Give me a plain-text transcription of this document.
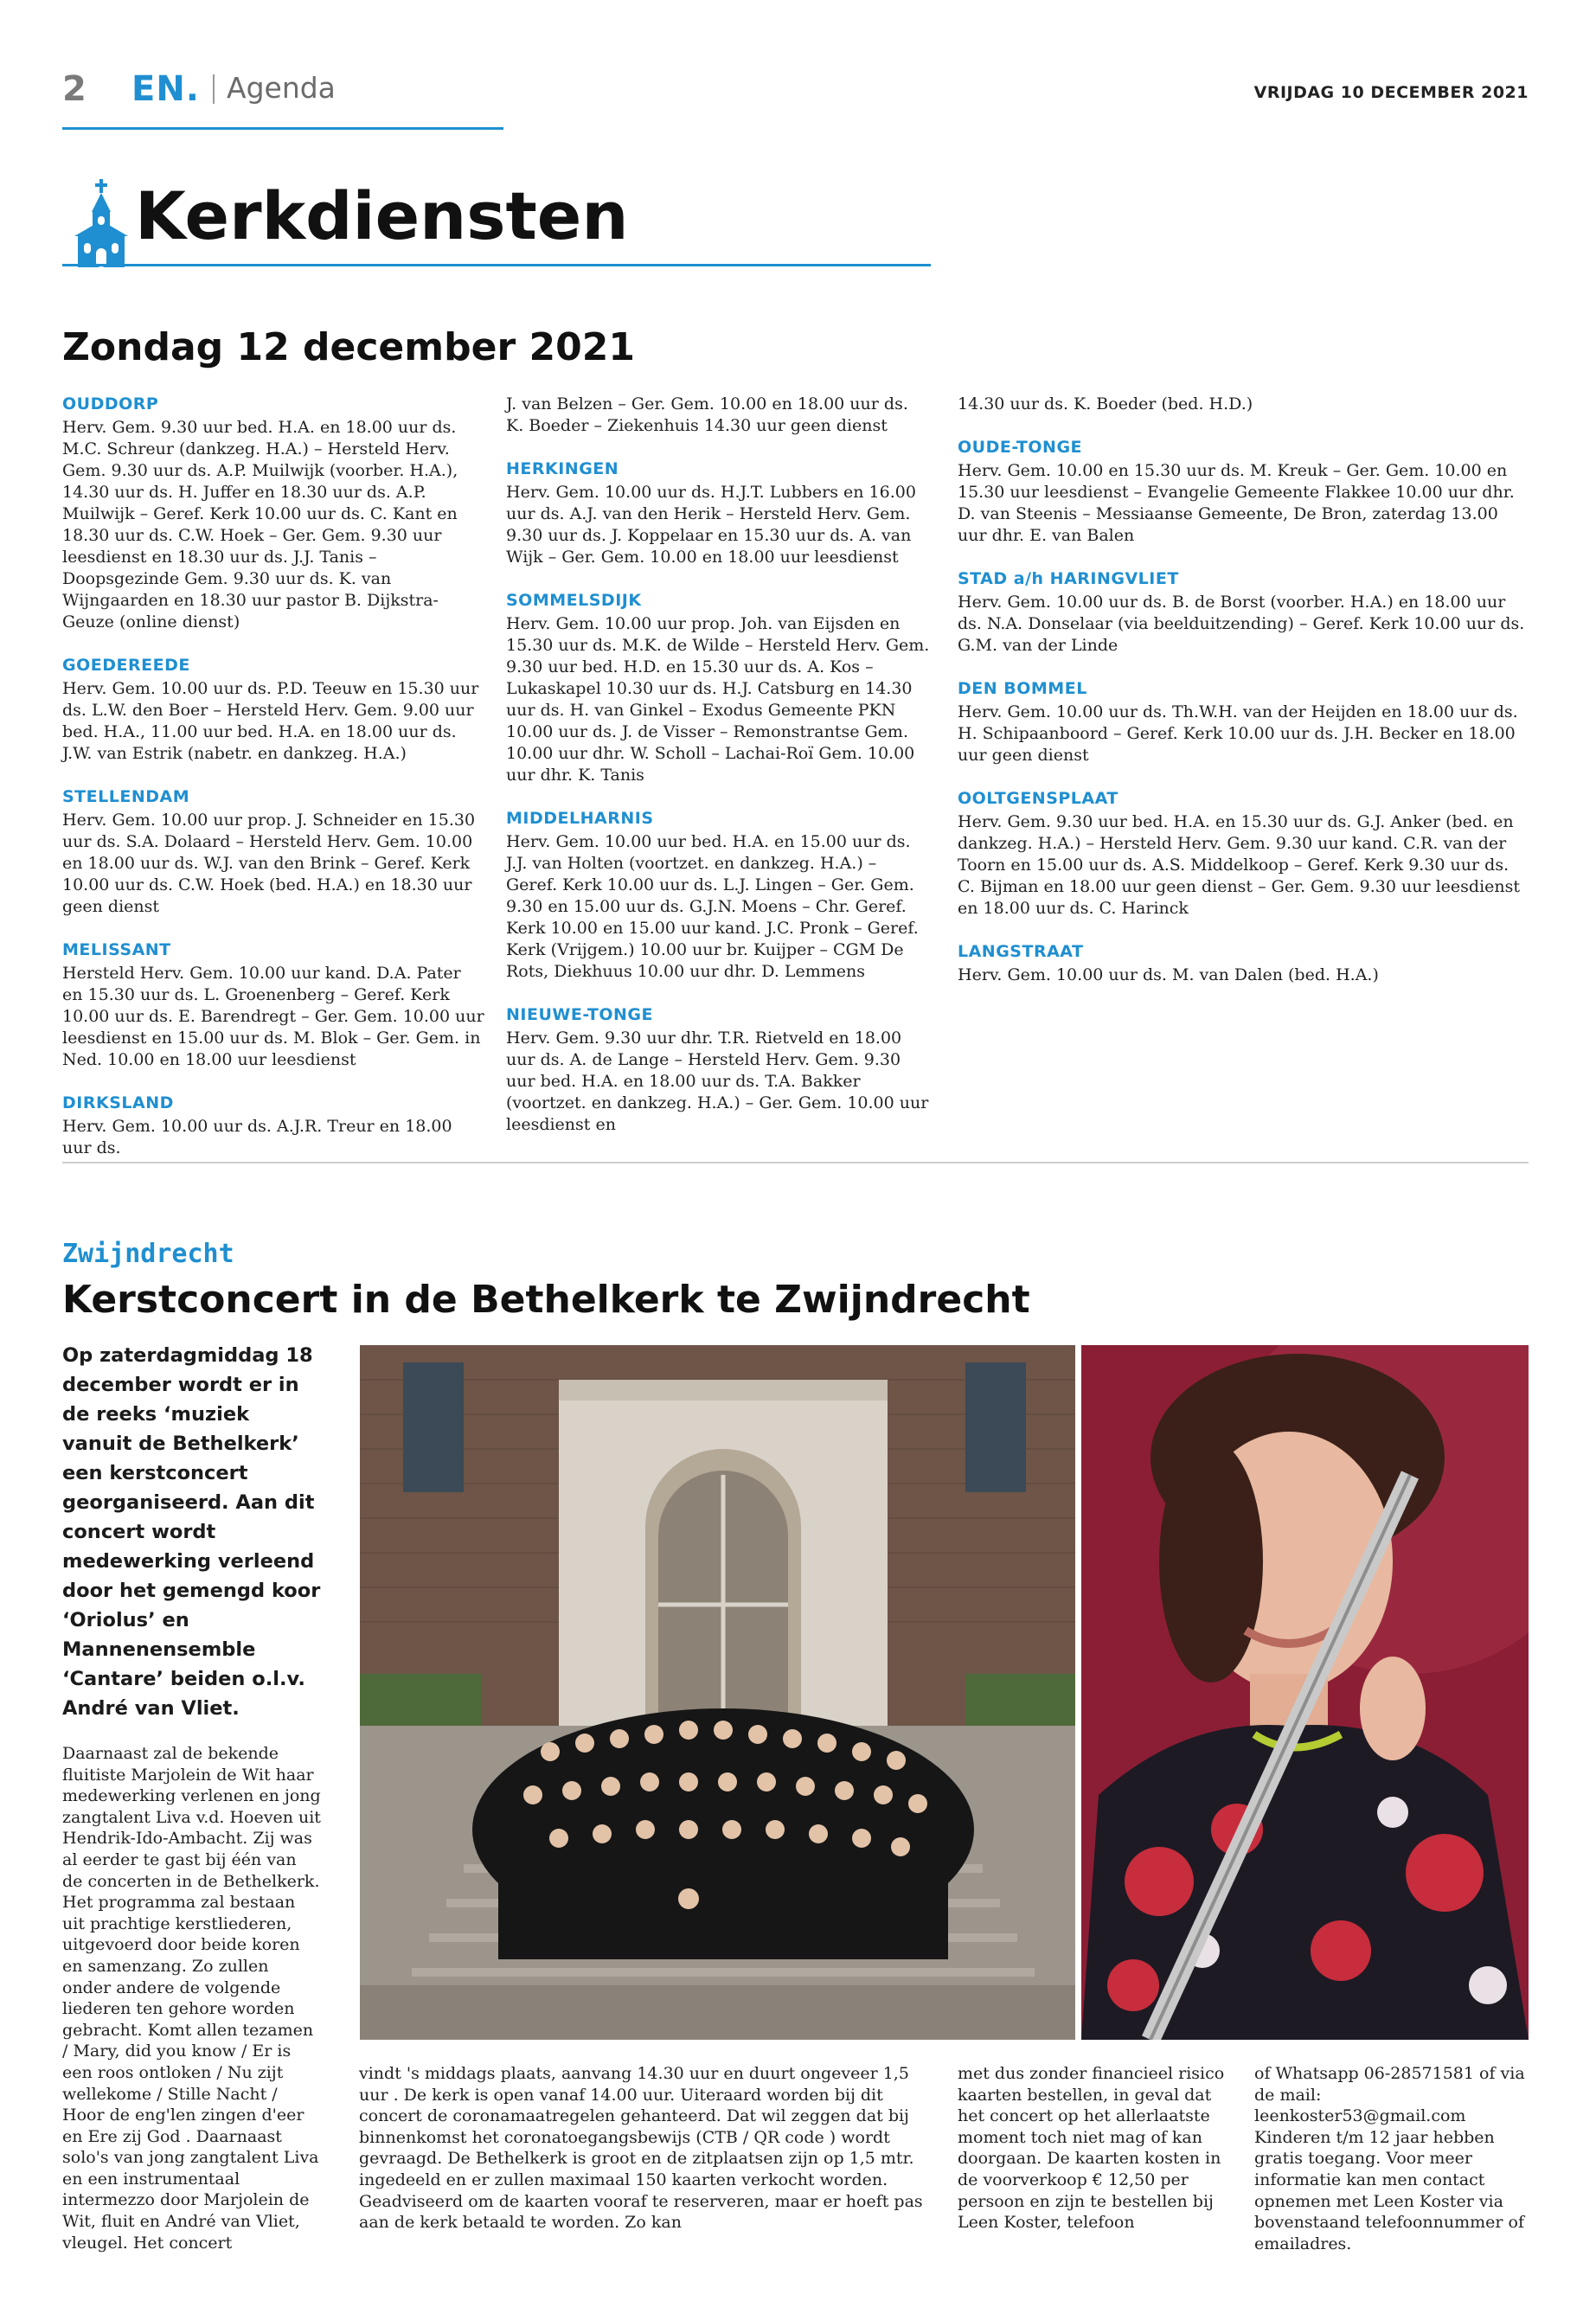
2 EN. Agenda	VRIJDAG 10 DECEMBER 2021
Kerkdiensten
Zondag 12 december 2021
OUDDORP

Herv. Gem. 9.30 uur bed. H.A. en 18.00 uur ds. M.C. Schreur (dankzeg. H.A.) – Hersteld Herv. Gem. 9.30 uur ds. A.P. Muilwijk (voorber. H.A.), 14.30 uur ds. H. Juffer en 18.30 uur ds. A.P. Muilwijk – Geref. Kerk 10.00 uur ds. C. Kant en 18.30 uur ds. C.W. Hoek – Ger. Gem. 9.30 uur leesdienst en 18.30 uur ds. J.J. Tanis – Doopsgezinde Gem. 9.30 uur ds. K. van Wijngaarden en 18.30 uur pastor B. Dijkstra-Geuze (online dienst)

GOEDEREEDE

Herv. Gem. 10.00 uur ds. P.D. Teeuw en 15.30 uur ds. L.W. den Boer – Hersteld Herv. Gem. 9.00 uur bed. H.A., 11.00 uur bed. H.A. en 18.00 uur ds. J.W. van Estrik (nabetr. en dankzeg. H.A.)

STELLENDAM

Herv. Gem. 10.00 uur prop. J. Schneider en 15.30 uur ds. S.A. Dolaard – Hersteld Herv. Gem. 10.00 en 18.00 uur ds. W.J. van den Brink – Geref. Kerk 10.00 uur ds. C.W. Hoek (bed. H.A.) en 18.30 uur geen dienst

MELISSANT

Hersteld Herv. Gem. 10.00 uur kand. D.A. Pater en 15.30 uur ds. L. Groenenberg – Geref. Kerk 10.00 uur ds. E. Barendregt – Ger. Gem. 10.00 uur leesdienst en 15.00 uur ds. M. Blok – Ger. Gem. in Ned. 10.00 en 18.00 uur leesdienst

DIRKSLAND

Herv. Gem. 10.00 uur ds. A.J.R. Treur en 18.00 uur ds.

J. van Belzen – Ger. Gem. 10.00 en 18.00 uur ds. K. Boeder – Ziekenhuis 14.30 uur geen dienst

HERKINGEN

Herv. Gem. 10.00 uur ds. H.J.T. Lubbers en 16.00 uur ds. A.J. van den Herik – Hersteld Herv. Gem. 9.30 uur ds. J. Koppelaar en 15.30 uur ds. A. van Wijk – Ger. Gem. 10.00 en 18.00 uur leesdienst

SOMMELSDIJK

Herv. Gem. 10.00 uur prop. Joh. van Eijsden en 15.30 uur ds. M.K. de Wilde – Hersteld Herv. Gem. 9.30 uur bed. H.D. en 15.30 uur ds. A. Kos – Lukaskapel 10.30 uur ds. H.J. Catsburg en 14.30 uur ds. H. van Ginkel – Exodus Gemeente PKN 10.00 uur ds. J. de Visser – Remonstrantse Gem. 10.00 uur dhr. W. Scholl – Lachai-Roï Gem. 10.00 uur dhr. K. Tanis

MIDDELHARNIS

Herv. Gem. 10.00 uur bed. H.A. en 15.00 uur ds. J.J. van Holten (voortzet. en dankzeg. H.A.) – Geref. Kerk 10.00 uur ds. L.J. Lingen – Ger. Gem. 9.30 en 15.00 uur ds. G.J.N. Moens – Chr. Geref. Kerk 10.00 en 15.00 uur kand. J.C. Pronk – Geref. Kerk (Vrijgem.) 10.00 uur br. Kuijper – CGM De Rots, Diekhuus 10.00 uur dhr. D. Lemmens

NIEUWE-TONGE

Herv. Gem. 9.30 uur dhr. T.R. Rietveld en 18.00 uur ds. A. de Lange – Hersteld Herv. Gem. 9.30 uur bed. H.A. en 18.00 uur ds. T.A. Bakker (voortzet. en dankzeg. H.A.) – Ger. Gem. 10.00 uur leesdienst en

14.30 uur ds. K. Boeder (bed. H.D.)

OUDE-TONGE

Herv. Gem. 10.00 en 15.30 uur ds. M. Kreuk – Ger. Gem. 10.00 en 15.30 uur leesdienst – Evangelie Gemeente Flakkee 10.00 uur dhr. D. van Steenis – Messiaanse Gemeente, De Bron, zaterdag 13.00 uur dhr. E. van Balen

STAD a/h HARINGVLIET

Herv. Gem. 10.00 uur ds. B. de Borst (voorber. H.A.) en 18.00 uur ds. N.A. Donselaar (via beelduitzending) – Geref. Kerk 10.00 uur ds. G.M. van der Linde

DEN BOMMEL

Herv. Gem. 10.00 uur ds. Th.W.H. van der Heijden en 18.00 uur ds. H. Schipaanboord – Geref. Kerk 10.00 uur ds. J.H. Becker en 18.00 uur geen dienst

OOLTGENSPLAAT

Herv. Gem. 9.30 uur bed. H.A. en 15.30 uur ds. G.J. Anker (bed. en dankzeg. H.A.) – Hersteld Herv. Gem. 9.30 uur kand. C.R. van der Toorn en 15.00 uur ds. A.S. Middelkoop – Geref. Kerk 9.30 uur ds. C. Bijman en 18.00 uur geen dienst – Ger. Gem. 9.30 uur leesdienst en 18.00 uur ds. C. Harinck

LANGSTRAAT

Herv. Gem. 10.00 uur ds. M. van Dalen (bed. H.A.)

Zwijndrecht
Kerstconcert in de Bethelkerk te Zwijndrecht
Op zaterdagmiddag 18 december wordt er in de reeks ‘muziek vanuit de Bethelkerk’ een kerstconcert georganiseerd. Aan dit concert wordt medewerking verleend door het gemengd koor ‘Oriolus’ en Mannenensemble ‘Cantare’ beiden o.l.v. André van Vliet.
Daarnaast zal de bekende fluitiste Marjolein de Wit haar medewerking verlenen en jong zangtalent Liva v.d. Hoeven uit Hendrik-Ido-Ambacht. Zij was al eerder te gast bij één van de concerten in de Bethelkerk. Het programma zal bestaan uit prachtige kerstliederen, uitgevoerd door beide koren en samenzang. Zo zullen onder andere de volgende liederen ten gehore worden gebracht. Komt allen tezamen / Mary, did you know / Er is een roos ontloken / Nu zijt wellekome / Stille Nacht / Hoor de eng'len zingen d'eer en Ere zij God . Daarnaast solo's van jong zangtalent Liva en een instrumentaal intermezzo door Marjolein de Wit, fluit en André van Vliet, vleugel. Het concert
vindt 's middags plaats, aanvang 14.30 uur en duurt ongeveer 1,5 uur . De kerk is open vanaf 14.00 uur. Uiteraard worden bij dit concert de coronamaatregelen gehanteerd. Dat wil zeggen dat bij binnenkomst het coronatoegangsbewijs (CTB / QR code ) wordt gevraagd. De Bethelkerk is groot en de zitplaatsen zijn op 1,5 mtr. ingedeeld en er zullen maximaal 150 kaarten verkocht worden. Geadviseerd om de kaarten vooraf te reserveren, maar er hoeft pas aan de kerk betaald te worden. Zo kan
met dus zonder financieel risico kaarten bestellen, in geval dat het concert op het allerlaatste moment toch niet mag of kan doorgaan. De kaarten kosten in de voorverkoop € 12,50 per persoon en zijn te bestellen bij Leen Koster, telefoon
of Whatsapp 06-28571581 of via de mail: leenkoster53@gmail.com Kinderen t/m 12 jaar hebben gratis toegang. Voor meer informatie kan men contact opnemen met Leen Koster via bovenstaand telefoonnummer of emailadres.
